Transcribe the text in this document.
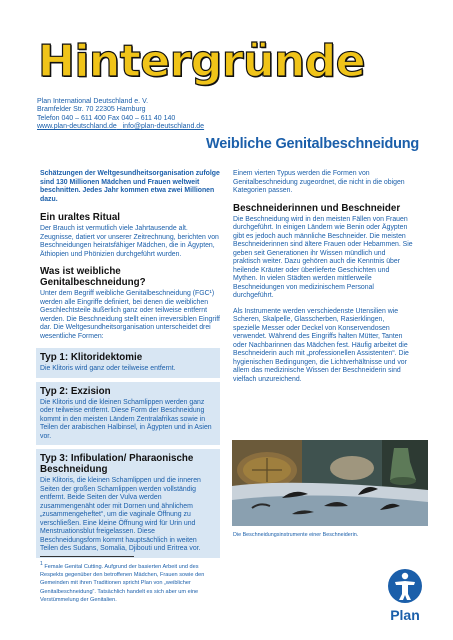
Hintergründe
Plan International Deutschland e. V.
Bramfelder Str. 70 22305 Hamburg
Telefon 040 – 611 400 Fax 040 – 611 40 140
www.plan-deutschland.de info@plan-deutschland.de
Weibliche Genitalbeschneidung
Schätzungen der Weltgesundheitsorganisation zufolge sind 130 Millionen Mädchen und Frauen weltweit beschnitten. Jedes Jahr kommen etwa zwei Millionen dazu.
Ein uraltes Ritual

Der Brauch ist vermutlich viele Jahrtausende alt. Zeugnisse, datiert vor unserer Zeitrechnung, berichten von Beschneidungen heiratsfähiger Mädchen, die in Ägypten, Äthiopien und Phönizien durchgeführt wurden.

Was ist weibliche Genitalbeschneidung?

Unter dem Begriff weibliche Genitalbeschneidung (FGC¹) werden alle Eingriffe definiert, bei denen die weiblichen Geschlechtsteile äußerlich ganz oder teilweise entfernt werden. Die Beschneidung stellt einen irreversiblen Eingriff dar. Die Weltgesundheitsorganisation unterscheidet drei wesentliche Formen:

Typ 1: Klitoridektomie
Die Klitoris wird ganz oder teilweise entfernt.
Typ 2: Exzision
Die Klitoris und die kleinen Schamlippen werden ganz oder teilweise entfernt. Diese Form der Beschneidung kommt in den meisten Ländern Zentralafrikas sowie in Teilen der arabischen Halbinsel, in Ägypten und in Asien vor.
Typ 3: Infibulation/ Pharaonische Beschneidung
Die Klitoris, die kleinen Schamlippen und die inneren Seiten der großen Schamlippen werden vollständig entfernt. Beide Seiten der Vulva werden zusammengenäht oder mit Dornen und ähnlichem „zusammengeheftet“, um die vaginale Öffnung zu verschließen. Eine kleine Öffnung wird für Urin und Menstruationsblut freigelassen. Diese Beschneidungsform kommt hauptsächlich in weiten Teilen des Sudans, Somalia, Djibouti und Eritrea vor.

Einem vierten Typus werden die Formen von Genitalbeschneidung zugeordnet, die nicht in die obigen Kategorien passen.

Beschneiderinnen und Beschneider

Die Beschneidung wird in den meisten Fällen von Frauen durchgeführt. In einigen Ländern wie Benin oder Ägypten gibt es jedoch auch männliche Beschneider. Die meisten Beschneiderinnen sind ältere Frauen oder Hebammen. Sie geben seit Generationen ihr Wissen mündlich und praktisch weiter. Dazu gehören auch die Kenntnis über heilende Kräuter oder überlieferte Geschichten und Mythen. In vielen Städten werden mittlerweile Beschneidungen von medizinischem Personal durchgeführt.

Als Instrumente werden verschiedenste Utensilien wie Scheren, Skalpelle, Glasscherben, Rasierklingen, spezielle Messer oder Deckel von Konservendosen verwendet. Während des Eingriffs halten Mütter, Tanten oder Nachbarinnen das Mädchen fest. Häufig arbeitet die Beschneiderin auch mit „professionellen Assistenten“. Die hygienischen Bedingungen, die Lichtverhältnisse und vor allem das medizinische Wissen der Beschneiderin sind vielfach unzureichend.

Die Beschneidungsinstrumente einer Beschneiderin.
$^1$ Female Genital Cutting. Aufgrund der basierten Arbeit und des Respekts gegenüber den betroffenen Mädchen, Frauen sowie den Gemeinden mit ihren Traditionen spricht Plan von „weiblicher Genitalbeschneidung“. Tatsächlich handelt es sich aber um eine Verstümmelung der Genitalien.
Plan
